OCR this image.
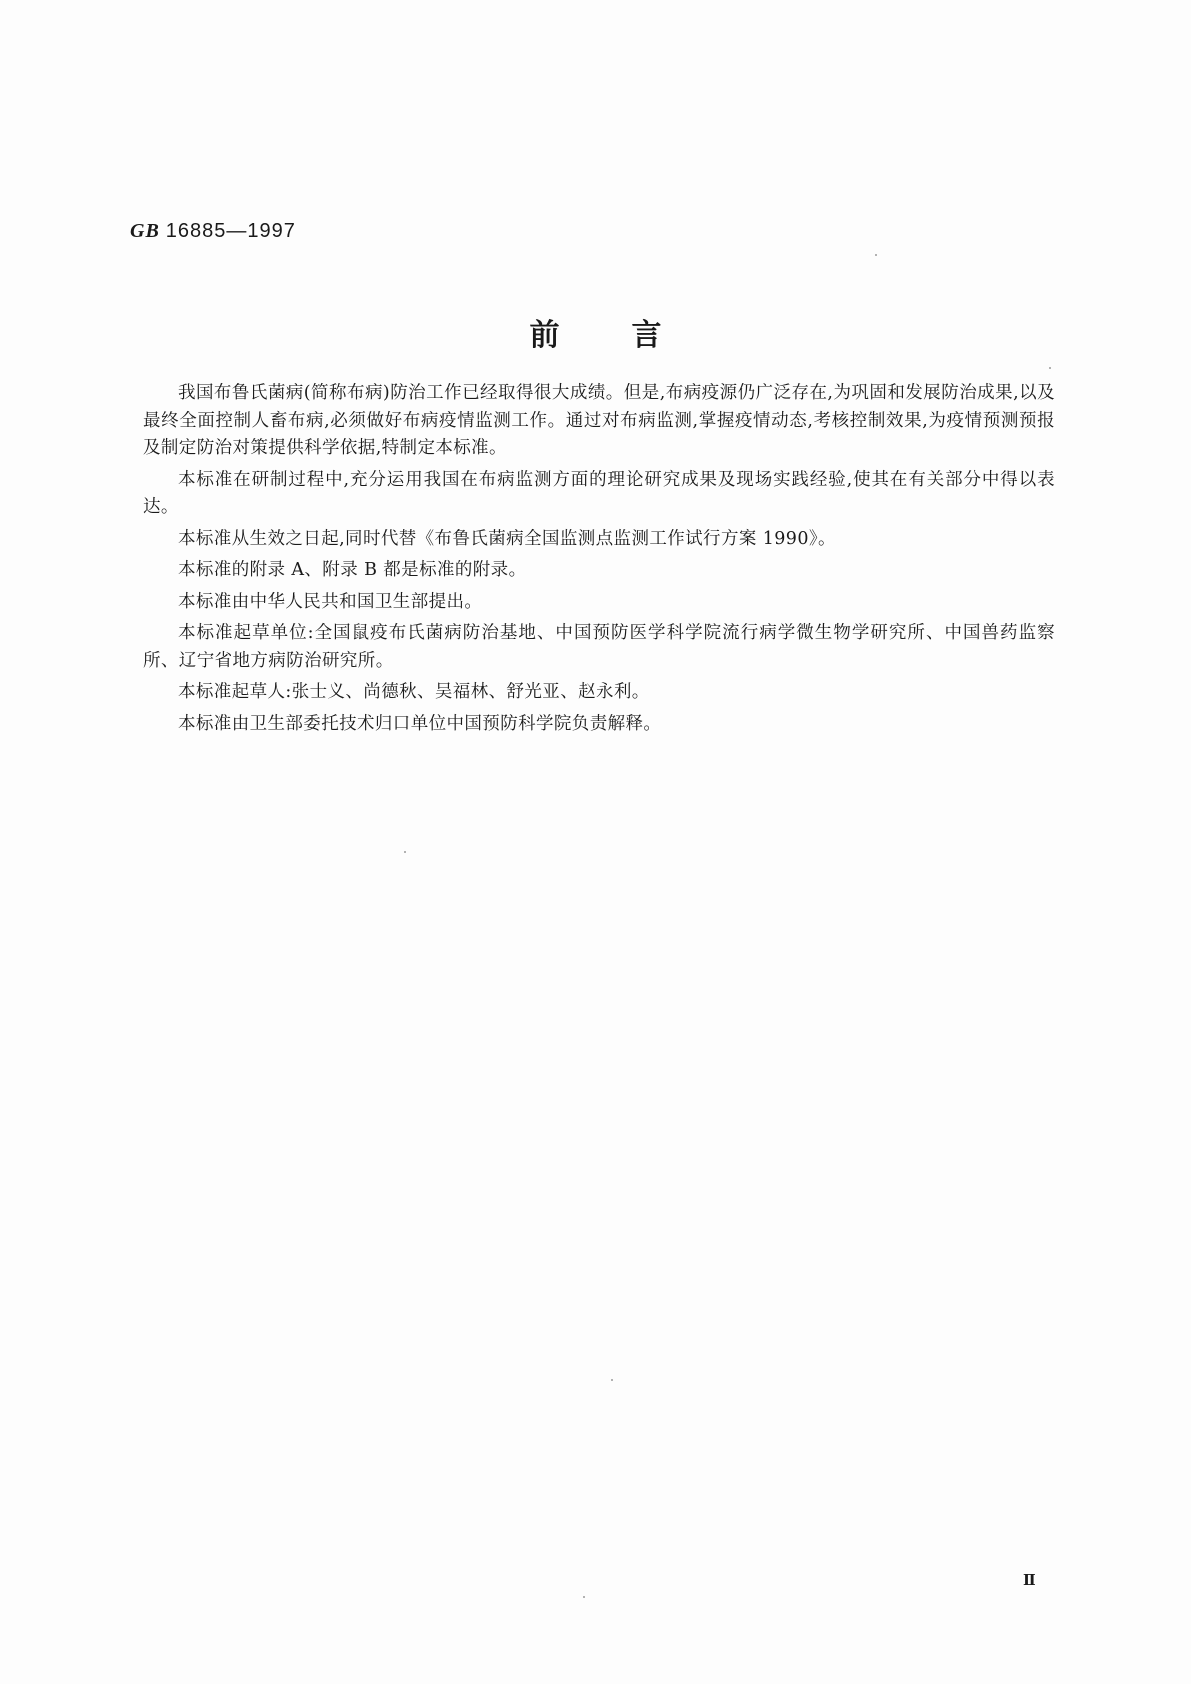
GB 16885—1997
前言

我国布鲁氏菌病(简称布病)防治工作已经取得很大成绩。但是,布病疫源仍广泛存在,为巩固和发展防治成果,以及最终全面控制人畜布病,必须做好布病疫情监测工作。通过对布病监测,掌握疫情动态,考核控制效果,为疫情预测预报及制定防治对策提供科学依据,特制定本标准。

本标准在研制过程中,充分运用我国在布病监测方面的理论研究成果及现场实践经验,使其在有关部分中得以表达。

本标准从生效之日起,同时代替《布鲁氏菌病全国监测点监测工作试行方案 1990》。

本标准的附录 A、附录 B 都是标准的附录。

本标准由中华人民共和国卫生部提出。

本标准起草单位:全国鼠疫布氏菌病防治基地、中国预防医学科学院流行病学微生物学研究所、中国兽药监察所、辽宁省地方病防治研究所。

本标准起草人:张士义、尚德秋、吴福林、舒光亚、赵永利。

本标准由卫生部委托技术归口单位中国预防科学院负责解释。

Ⅱ
